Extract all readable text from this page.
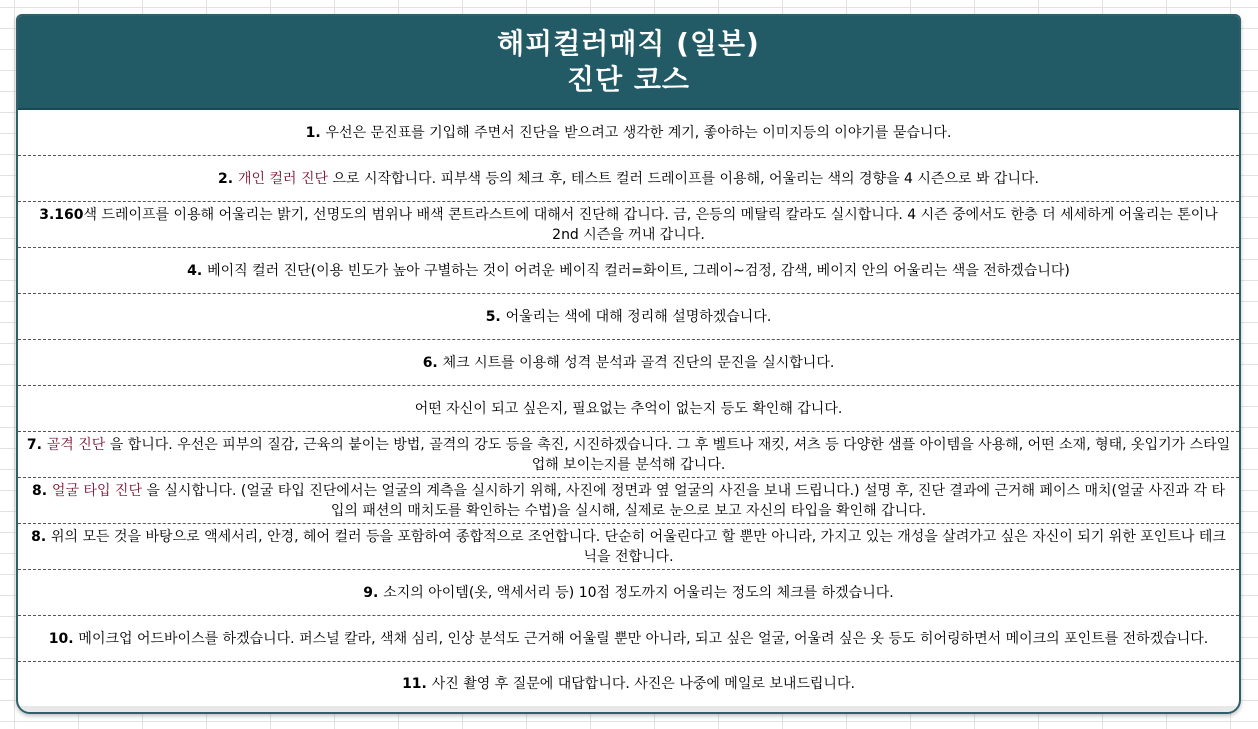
해피컬러매직 (일본)
진단 코스
1. 우선은 문진표를 기입해 주면서 진단을 받으려고 생각한 계기, 좋아하는 이미지등의 이야기를 묻습니다.
2. 개인 컬러 진단 으로 시작합니다. 피부색 등의 체크 후, 테스트 컬러 드레이프를 이용해, 어울리는 색의 경향을 4 시즌으로 봐 갑니다.
3.160색 드레이프를 이용해 어울리는 밝기, 선명도의 범위나 배색 콘트라스트에 대해서 진단해 갑니다. 금, 은등의 메탈릭 칼라도 실시합니다. 4 시즌 중에서도 한층 더 세세하게 어울리는 톤이나 2nd 시즌을 꺼내 갑니다.
4. 베이직 컬러 진단(이용 빈도가 높아 구별하는 것이 어려운 베이직 컬러=화이트, 그레이~검정, 감색, 베이지 안의 어울리는 색을 전하겠습니다)
5. 어울리는 색에 대해 정리해 설명하겠습니다.
6. 체크 시트를 이용해 성격 분석과 골격 진단의 문진을 실시합니다.
어떤 자신이 되고 싶은지, 필요없는 추억이 없는지 등도 확인해 갑니다.
7. 골격 진단 을 합니다. 우선은 피부의 질감, 근육의 붙이는 방법, 골격의 강도 등을 촉진, 시진하겠습니다. 그 후 벨트나 재킷, 셔츠 등 다양한 샘플 아이템을 사용해, 어떤 소재, 형태, 옷입기가 스타일 업해 보이는지를 분석해 갑니다.
8. 얼굴 타입 진단 을 실시합니다. (얼굴 타입 진단에서는 얼굴의 계측을 실시하기 위해, 사진에 정면과 옆 얼굴의 사진을 보내 드립니다.) 설명 후, 진단 결과에 근거해 페이스 매치(얼굴 사진과 각 타입의 패션의 매치도를 확인하는 수법)을 실시해, 실제로 눈으로 보고 자신의 타입을 확인해 갑니다.
8. 위의 모든 것을 바탕으로 액세서리, 안경, 헤어 컬러 등을 포함하여 종합적으로 조언합니다. 단순히 어울린다고 할 뿐만 아니라, 가지고 있는 개성을 살려가고 싶은 자신이 되기 위한 포인트나 테크닉을 전합니다.
9. 소지의 아이템(옷, 액세서리 등) 10점 정도까지 어울리는 정도의 체크를 하겠습니다.
10. 메이크업 어드바이스를 하겠습니다. 퍼스널 칼라, 색채 심리, 인상 분석도 근거해 어울릴 뿐만 아니라, 되고 싶은 얼굴, 어울려 싶은 옷 등도 히어링하면서 메이크의 포인트를 전하겠습니다.
11. 사진 촬영 후 질문에 대답합니다. 사진은 나중에 메일로 보내드립니다.
